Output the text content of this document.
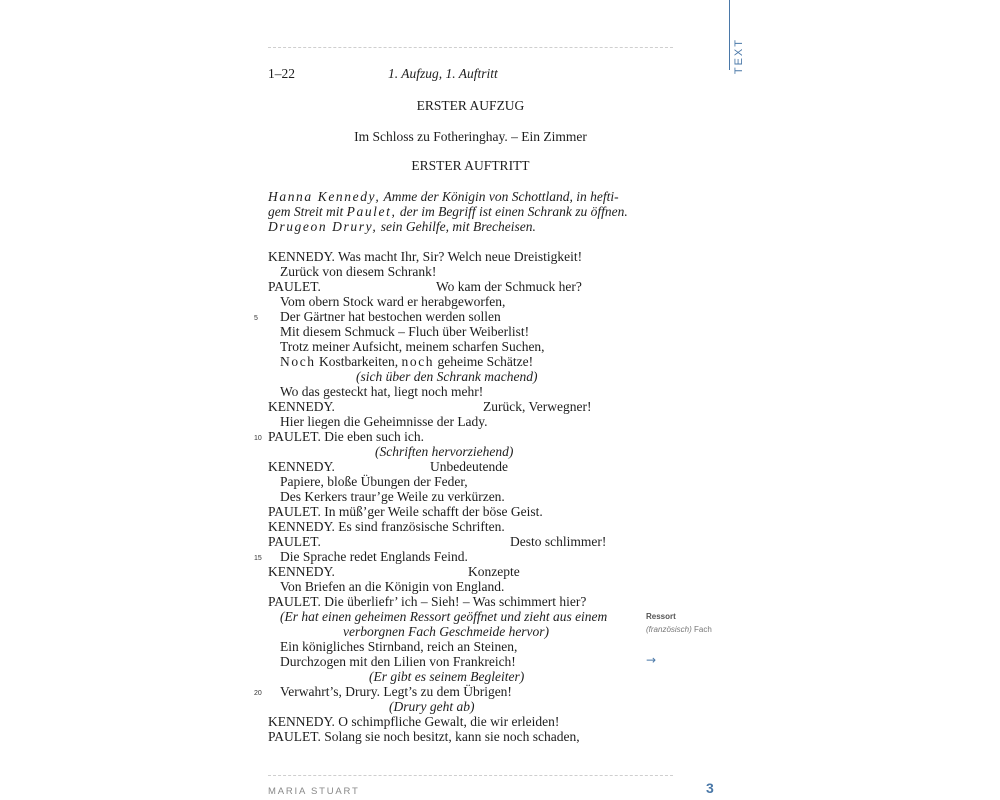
TEXT
1–22	1. Aufzug, 1. Auftritt
ERSTER AUFZUG
Im Schloss zu Fotheringhay. – Ein Zimmer
ERSTER AUFTRITT
Hanna Kennedy, Amme der Königin von Schottland, in hefti-
gem Streit mit Paulet, der im Begriff ist einen Schrank zu öffnen.
Drugeon Drury, sein Gehilfe, mit Brecheisen.
KENNEDY. Was macht Ihr, Sir? Welch neue Dreistigkeit!
Zurück von diesem Schrank!
PAULET.	Wo kam der Schmuck her?
Vom obern Stock ward er herabgeworfen,
Der Gärtner hat bestochen werden sollen
Mit diesem Schmuck – Fluch über Weiberlist!
Trotz meiner Aufsicht, meinem scharfen Suchen,
Noch Kostbarkeiten, noch geheime Schätze!
(sich über den Schrank machend)
Wo das gesteckt hat, liegt noch mehr!
KENNEDY.	Zurück, Verwegner!
Hier liegen die Geheimnisse der Lady.
PAULET. Die eben such ich.
(Schriften hervorziehend)
KENNEDY.	Unbedeutende
Papiere, bloße Übungen der Feder,
Des Kerkers traur’ge Weile zu verkürzen.
PAULET. In müß’ger Weile schafft der böse Geist.
KENNEDY. Es sind französische Schriften.
PAULET.	Desto schlimmer!
Die Sprache redet Englands Feind.
KENNEDY.	Konzepte
Von Briefen an die Königin von England.
PAULET. Die überliefr’ ich – Sieh! – Was schimmert hier?
(Er hat einen geheimen Ressort geöffnet und zieht aus einem
verborgnen Fach Geschmeide hervor)
Ein königliches Stirnband, reich an Steinen,
Durchzogen mit den Lilien von Frankreich!
(Er gibt es seinem Begleiter)
Verwahrt’s, Drury. Legt’s zu dem Übrigen!
(Drury geht ab)
KENNEDY. O schimpfliche Gewalt, die wir erleiden!
PAULET. Solang sie noch besitzt, kann sie noch schaden,
5
10
15
20
Ressort
(französisch) Fach
→
MARIA STUART	3
